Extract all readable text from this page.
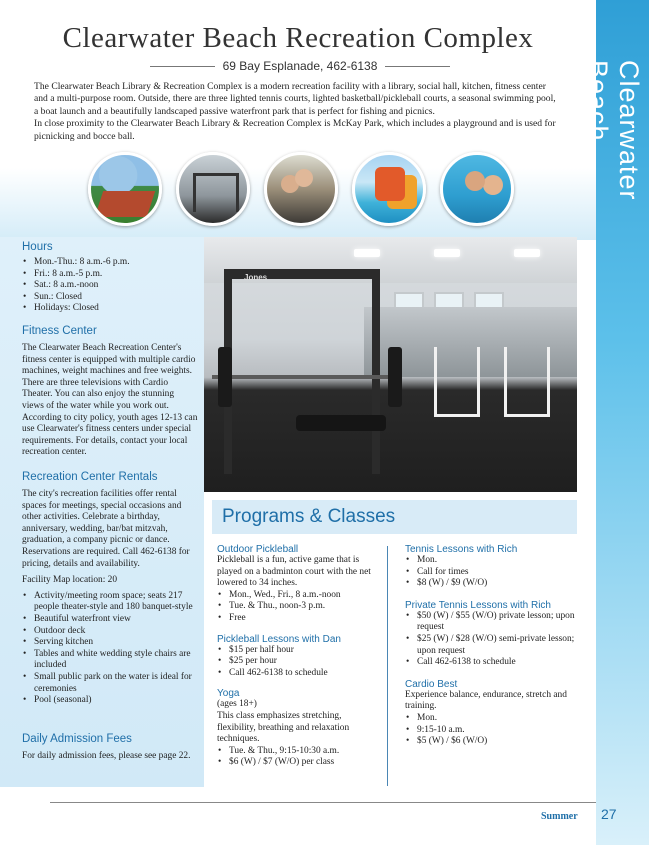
Clearwater Beach
Clearwater Beach Recreation Complex
69 Bay Esplanade, 462-6138

The Clearwater Beach Library & Recreation Complex is a modern recreation facility with a library, social hall, kitchen, fitness center and a multi-purpose room. Outside, there are three lighted tennis courts, lighted basketball/pickleball courts, a seasonal swimming pool, a boat launch and a beautifully landscaped passive waterfront park that is perfect for fishing and picnics.

In close proximity to the Clearwater Beach Library & Recreation Complex is McKay Park, which includes a playground and is used for picnicking and bocce ball.

Hours
• Mon.-Thu.: 8 a.m.-6 p.m.
• Fri.: 8 a.m.-5 p.m.
• Sat.: 8 a.m.-noon
• Sun.: Closed
• Holidays: Closed
Fitness Center
The Clearwater Beach Recreation Center's fitness center is equipped with multiple cardio machines, weight machines and free weights. There are three televisions with Cardio Theater. You can also enjoy the stunning views of the water while you work out. According to city policy, youth ages 12-13 can use Clearwater's fitness centers under special requirements. For details, contact your local recreation center.
Recreation Center Rentals
The city's recreation facilities offer rental spaces for meetings, special occasions and other activities. Celebrate a birthday, anniversary, wedding, bar/bat mitzvah, graduation, a company picnic or dance. Reservations are required. Call 462-6138 for pricing, details and availability.
Facility Map location: 20
• Activity/meeting room space; seats 217 people theater-style and 180 banquet-style
• Beautiful waterfront view
• Outdoor deck
• Serving kitchen
• Tables and white wedding style chairs are included
• Small public park on the water is ideal for ceremonies
• Pool (seasonal)
Daily Admission Fees
For daily admission fees, please see page 22.
Jones
Programs & Classes
Outdoor Pickleball
Pickleball is a fun, active game that is played on a badminton court with the net lowered to 34 inches.
• Mon., Wed., Fri., 8 a.m.-noon
• Tue. & Thu., noon-3 p.m.
• Free
Pickleball Lessons with Dan
• $15 per half hour
• $25 per hour
• Call 462-6138 to schedule
Yoga
(ages 18+)
This class emphasizes stretching, flexibility, breathing and relaxation techniques.
• Tue. & Thu., 9:15-10:30 a.m.
• $6 (W) / $7 (W/O) per class
Tennis Lessons with Rich
• Mon.
• Call for times
• $8 (W) / $9 (W/O)
Private Tennis Lessons with Rich
• $50 (W) / $55 (W/O) private lesson; upon request
• $25 (W) / $28 (W/O) semi-private lesson; upon request
• Call 462-6138 to schedule
Cardio Best
Experience balance, endurance, stretch and training.
• Mon.
• 9:15-10 a.m.
• $5 (W) / $6 (W/O)
Summer 27
